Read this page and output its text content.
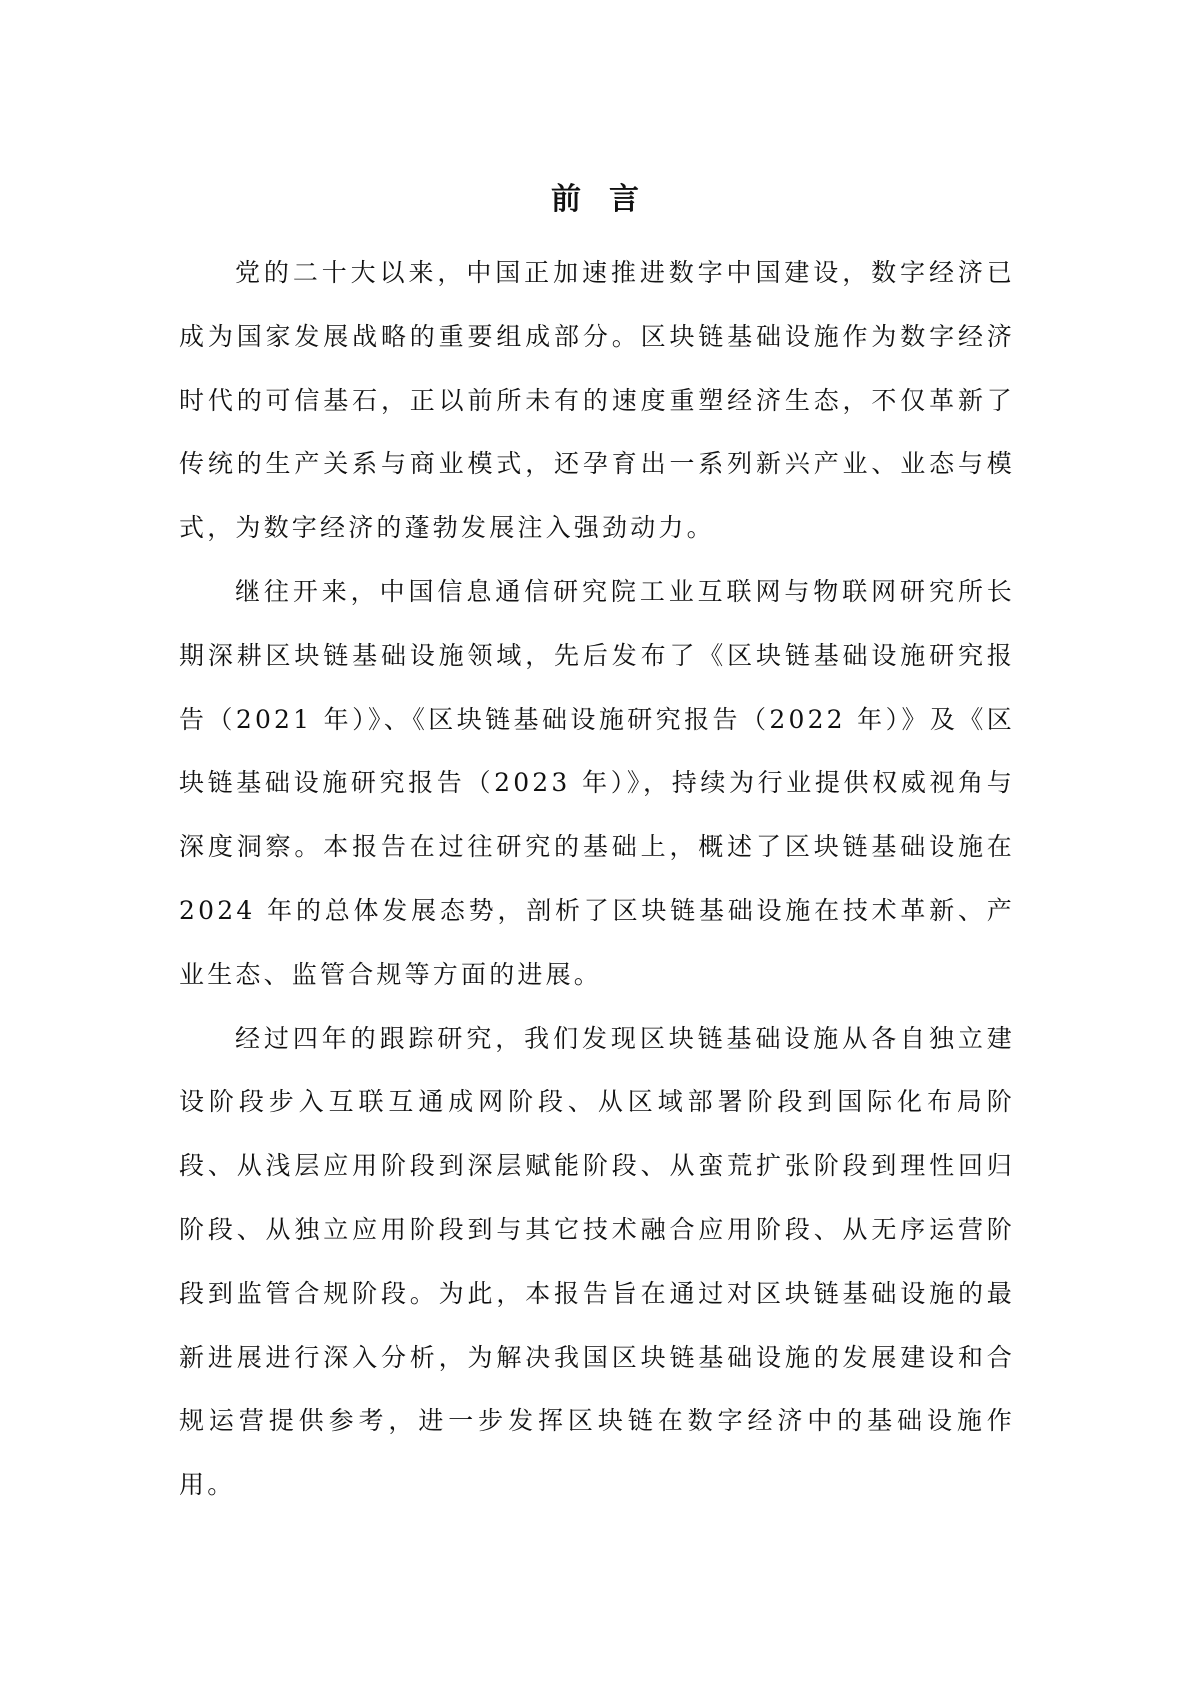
前言

党的二十大以来，中国正加速推进数字中国建设，数字经济已成为国家发展战略的重要组成部分。区块链基础设施作为数字经济时代的可信基石，正以前所未有的速度重塑经济生态，不仅革新了传统的生产关系与商业模式，还孕育出一系列新兴产业、业态与模式，为数字经济的蓬勃发展注入强劲动力。

继往开来，中国信息通信研究院工业互联网与物联网研究所长期深耕区块链基础设施领域，先后发布了《区块链基础设施研究报告（2021 年）》、《区块链基础设施研究报告（2022 年）》及《区块链基础设施研究报告（2023 年）》，持续为行业提供权威视角与深度洞察。本报告在过往研究的基础上，概述了区块链基础设施在2024 年的总体发展态势，剖析了区块链基础设施在技术革新、产业生态、监管合规等方面的进展。

经过四年的跟踪研究，我们发现区块链基础设施从各自独立建设阶段步入互联互通成网阶段、从区域部署阶段到国际化布局阶段、从浅层应用阶段到深层赋能阶段、从蛮荒扩张阶段到理性回归阶段、从独立应用阶段到与其它技术融合应用阶段、从无序运营阶段到监管合规阶段。为此，本报告旨在通过对区块链基础设施的最新进展进行深入分析，为解决我国区块链基础设施的发展建设和合规运营提供参考，进一步发挥区块链在数字经济中的基础设施作用。
